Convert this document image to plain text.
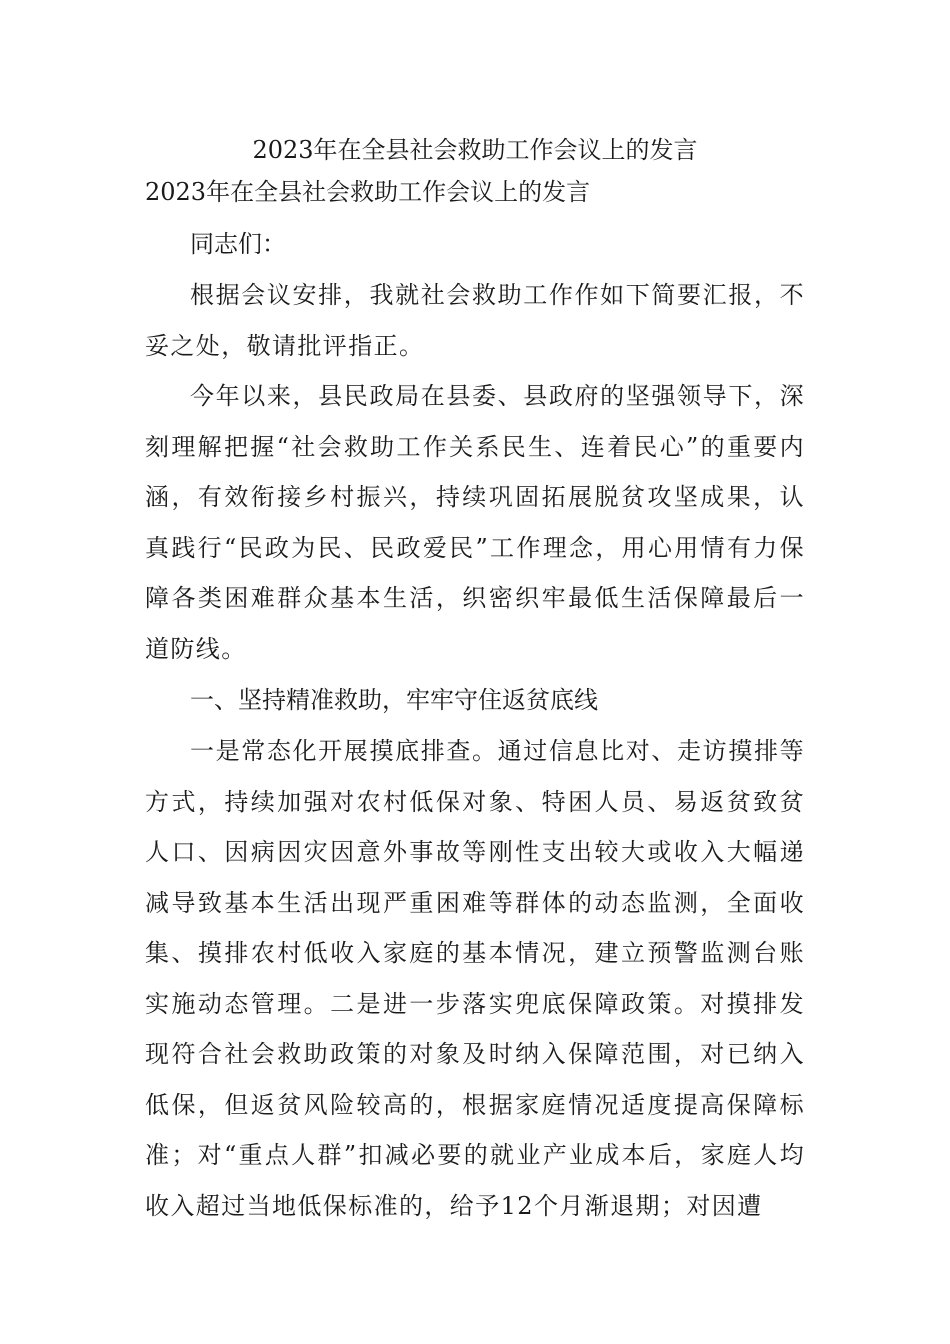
2023年在全县社会救助工作会议上的发言

2023年在全县社会救助工作会议上的发言

同志们：

根据会议安排，我就社会救助工作作如下简要汇报，不妥之处，敬请批评指正。

今年以来，县民政局在县委、县政府的坚强领导下，深刻理解把握“社会救助工作关系民生、连着民心”的重要内涵，有效衔接乡村振兴，持续巩固拓展脱贫攻坚成果，认真践行“民政为民、民政爱民”工作理念，用心用情有力保障各类困难群众基本生活，织密织牢最低生活保障最后一道防线。

一、坚持精准救助，牢牢守住返贫底线

一是常态化开展摸底排查。通过信息比对、走访摸排等方式，持续加强对农村低保对象、特困人员、易返贫致贫人口、因病因灾因意外事故等刚性支出较大或收入大幅递减导致基本生活出现严重困难等群体的动态监测，全面收集、摸排农村低收入家庭的基本情况，建立预警监测台账实施动态管理。二是进一步落实兜底保障政策。对摸排发现符合社会救助政策的对象及时纳入保障范围，对已纳入低保，但返贫风险较高的，根据家庭情况适度提高保障标准；对“重点人群”扣减必要的就业产业成本后，家庭人均收入超过当地低保标准的，给予12个月渐退期；对因遭
